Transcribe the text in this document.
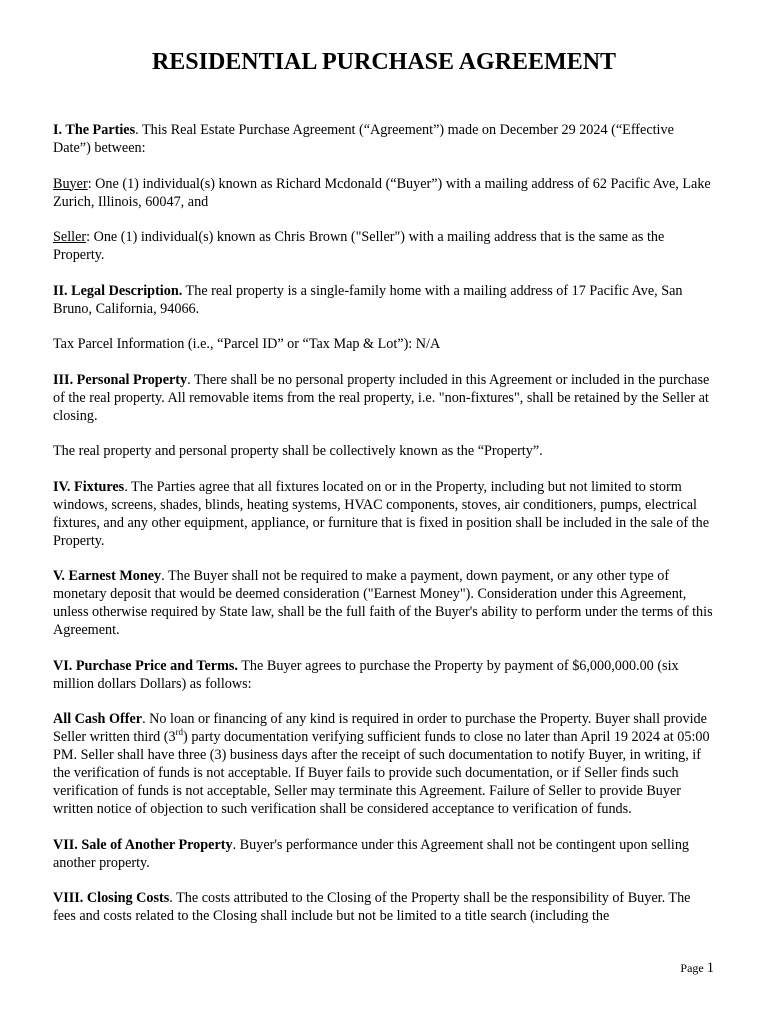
RESIDENTIAL PURCHASE AGREEMENT

I. The Parties. This Real Estate Purchase Agreement (“Agreement”) made on December 29 2024 (“Effective Date”) between:

Buyer: One (1) individual(s) known as Richard Mcdonald (“Buyer”) with a mailing address of 62 Pacific Ave, Lake Zurich, Illinois, 60047, and

Seller: One (1) individual(s) known as Chris Brown ("Seller") with a mailing address that is the same as the Property.

II. Legal Description. The real property is a single-family home with a mailing address of 17 Pacific Ave, San Bruno, California, 94066.

Tax Parcel Information (i.e., “Parcel ID” or “Tax Map & Lot”): N/A

III. Personal Property. There shall be no personal property included in this Agreement or included in the purchase of the real property. All removable items from the real property, i.e. "non-fixtures", shall be retained by the Seller at closing.

The real property and personal property shall be collectively known as the “Property”.

IV. Fixtures. The Parties agree that all fixtures located on or in the Property, including but not limited to storm windows, screens, shades, blinds, heating systems, HVAC components, stoves, air conditioners, pumps, electrical fixtures, and any other equipment, appliance, or furniture that is fixed in position shall be included in the sale of the Property.

V. Earnest Money. The Buyer shall not be required to make a payment, down payment, or any other type of monetary deposit that would be deemed consideration ("Earnest Money"). Consideration under this Agreement, unless otherwise required by State law, shall be the full faith of the Buyer's ability to perform under the terms of this Agreement.

VI. Purchase Price and Terms. The Buyer agrees to purchase the Property by payment of $6,000,000.00 (six million dollars Dollars) as follows:

All Cash Offer. No loan or financing of any kind is required in order to purchase the Property. Buyer shall provide Seller written third (3rd) party documentation verifying sufficient funds to close no later than April 19 2024 at 05:00 PM. Seller shall have three (3) business days after the receipt of such documentation to notify Buyer, in writing, if the verification of funds is not acceptable. If Buyer fails to provide such documentation, or if Seller finds such verification of funds is not acceptable, Seller may terminate this Agreement. Failure of Seller to provide Buyer written notice of objection to such verification shall be considered acceptance to verification of funds.

VII. Sale of Another Property. Buyer's performance under this Agreement shall not be contingent upon selling another property.

VIII. Closing Costs. The costs attributed to the Closing of the Property shall be the responsibility of Buyer. The fees and costs related to the Closing shall include but not be limited to a title search (including the

Page 1
